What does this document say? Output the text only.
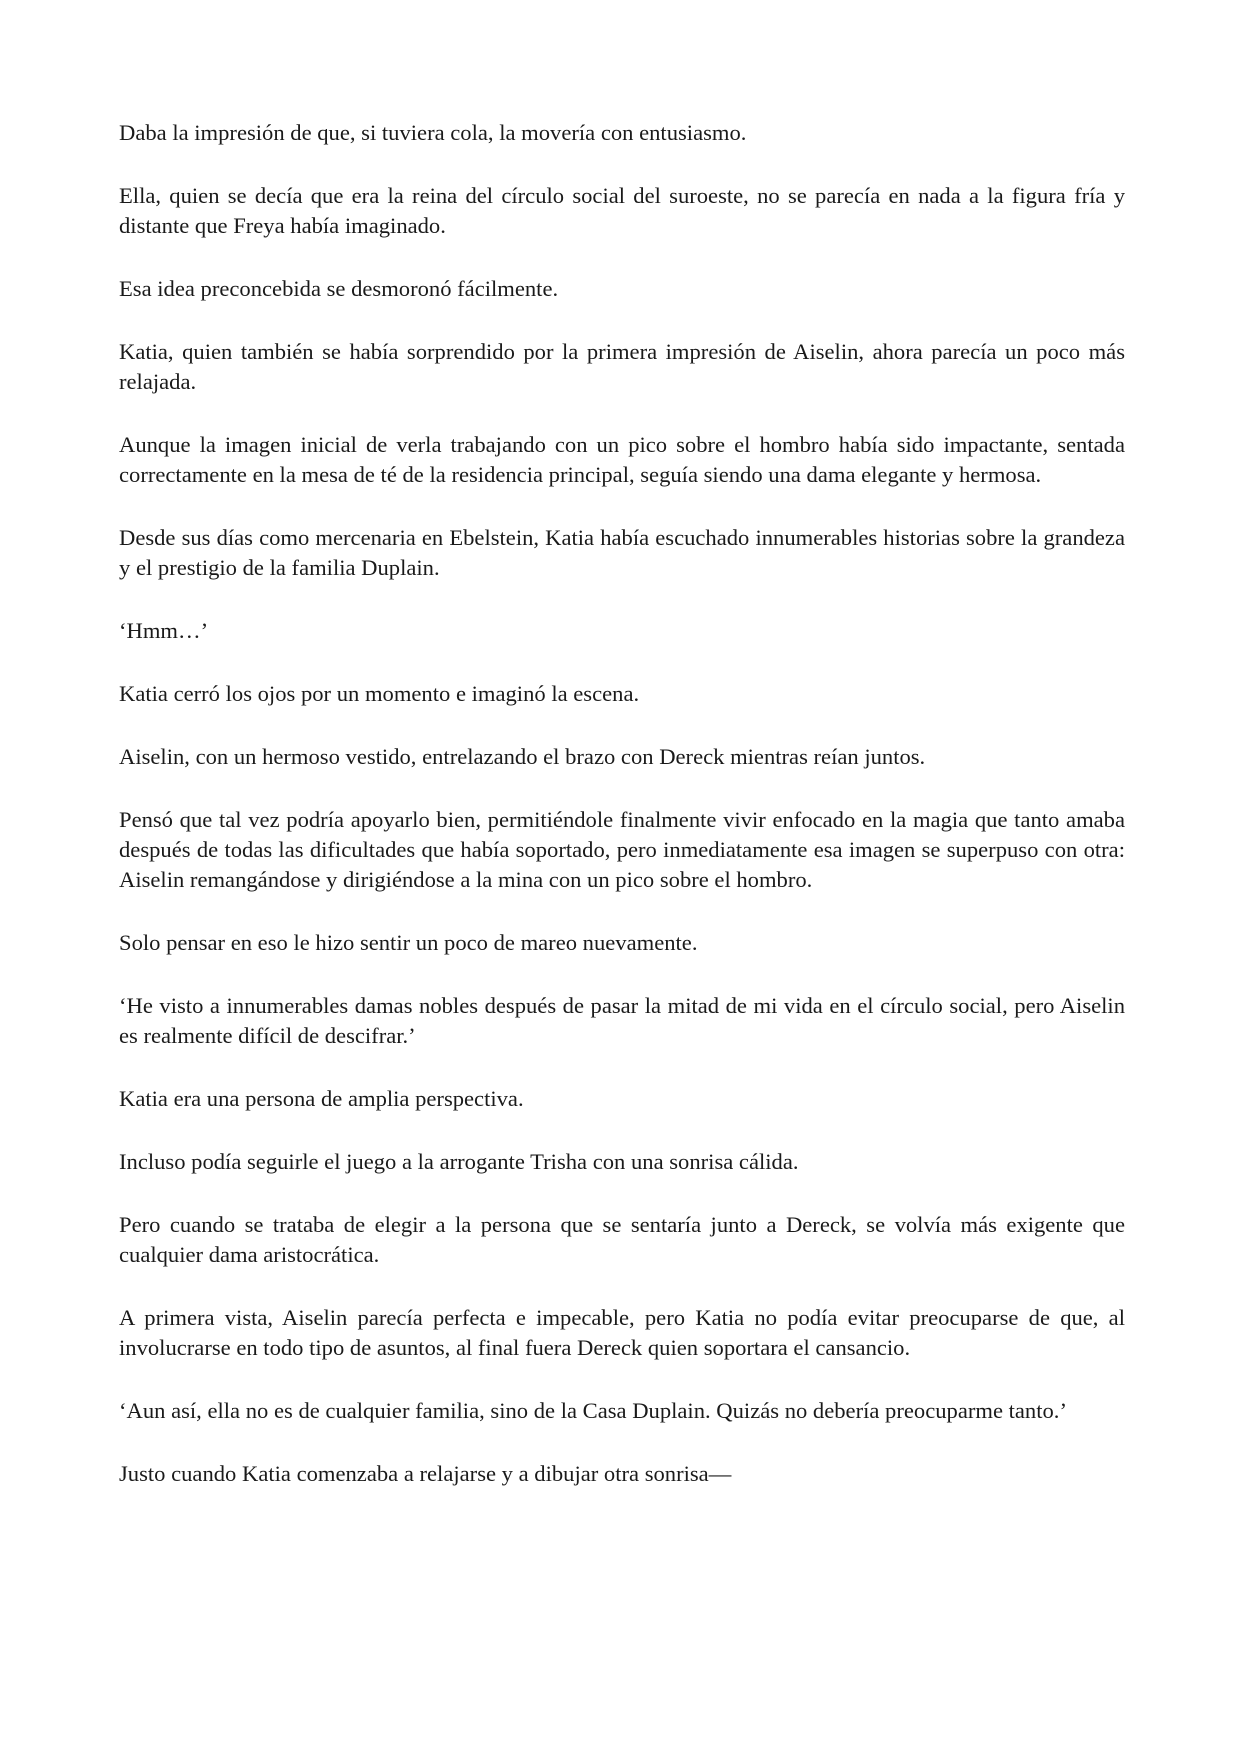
Daba la impresión de que, si tuviera cola, la movería con entusiasmo.

Ella, quien se decía que era la reina del círculo social del suroeste, no se parecía en nada a la figura fría y distante que Freya había imaginado.

Esa idea preconcebida se desmoronó fácilmente.

Katia, quien también se había sorprendido por la primera impresión de Aiselin, ahora parecía un poco más relajada.

Aunque la imagen inicial de verla trabajando con un pico sobre el hombro había sido impactante, sentada correctamente en la mesa de té de la residencia principal, seguía siendo una dama elegante y hermosa.

Desde sus días como mercenaria en Ebelstein, Katia había escuchado innumerables historias sobre la grandeza y el prestigio de la familia Duplain.

‘Hmm…’

Katia cerró los ojos por un momento e imaginó la escena.

Aiselin, con un hermoso vestido, entrelazando el brazo con Dereck mientras reían juntos.

Pensó que tal vez podría apoyarlo bien, permitiéndole finalmente vivir enfocado en la magia que tanto amaba después de todas las dificultades que había soportado, pero inmediatamente esa imagen se superpuso con otra: Aiselin remangándose y dirigiéndose a la mina con un pico sobre el hombro.

Solo pensar en eso le hizo sentir un poco de mareo nuevamente.

‘He visto a innumerables damas nobles después de pasar la mitad de mi vida en el círculo social, pero Aiselin es realmente difícil de descifrar.’

Katia era una persona de amplia perspectiva.

Incluso podía seguirle el juego a la arrogante Trisha con una sonrisa cálida.

Pero cuando se trataba de elegir a la persona que se sentaría junto a Dereck, se volvía más exigente que cualquier dama aristocrática.

A primera vista, Aiselin parecía perfecta e impecable, pero Katia no podía evitar preocuparse de que, al involucrarse en todo tipo de asuntos, al final fuera Dereck quien soportara el cansancio.

‘Aun así, ella no es de cualquier familia, sino de la Casa Duplain. Quizás no debería preocuparme tanto.’

Justo cuando Katia comenzaba a relajarse y a dibujar otra sonrisa—
